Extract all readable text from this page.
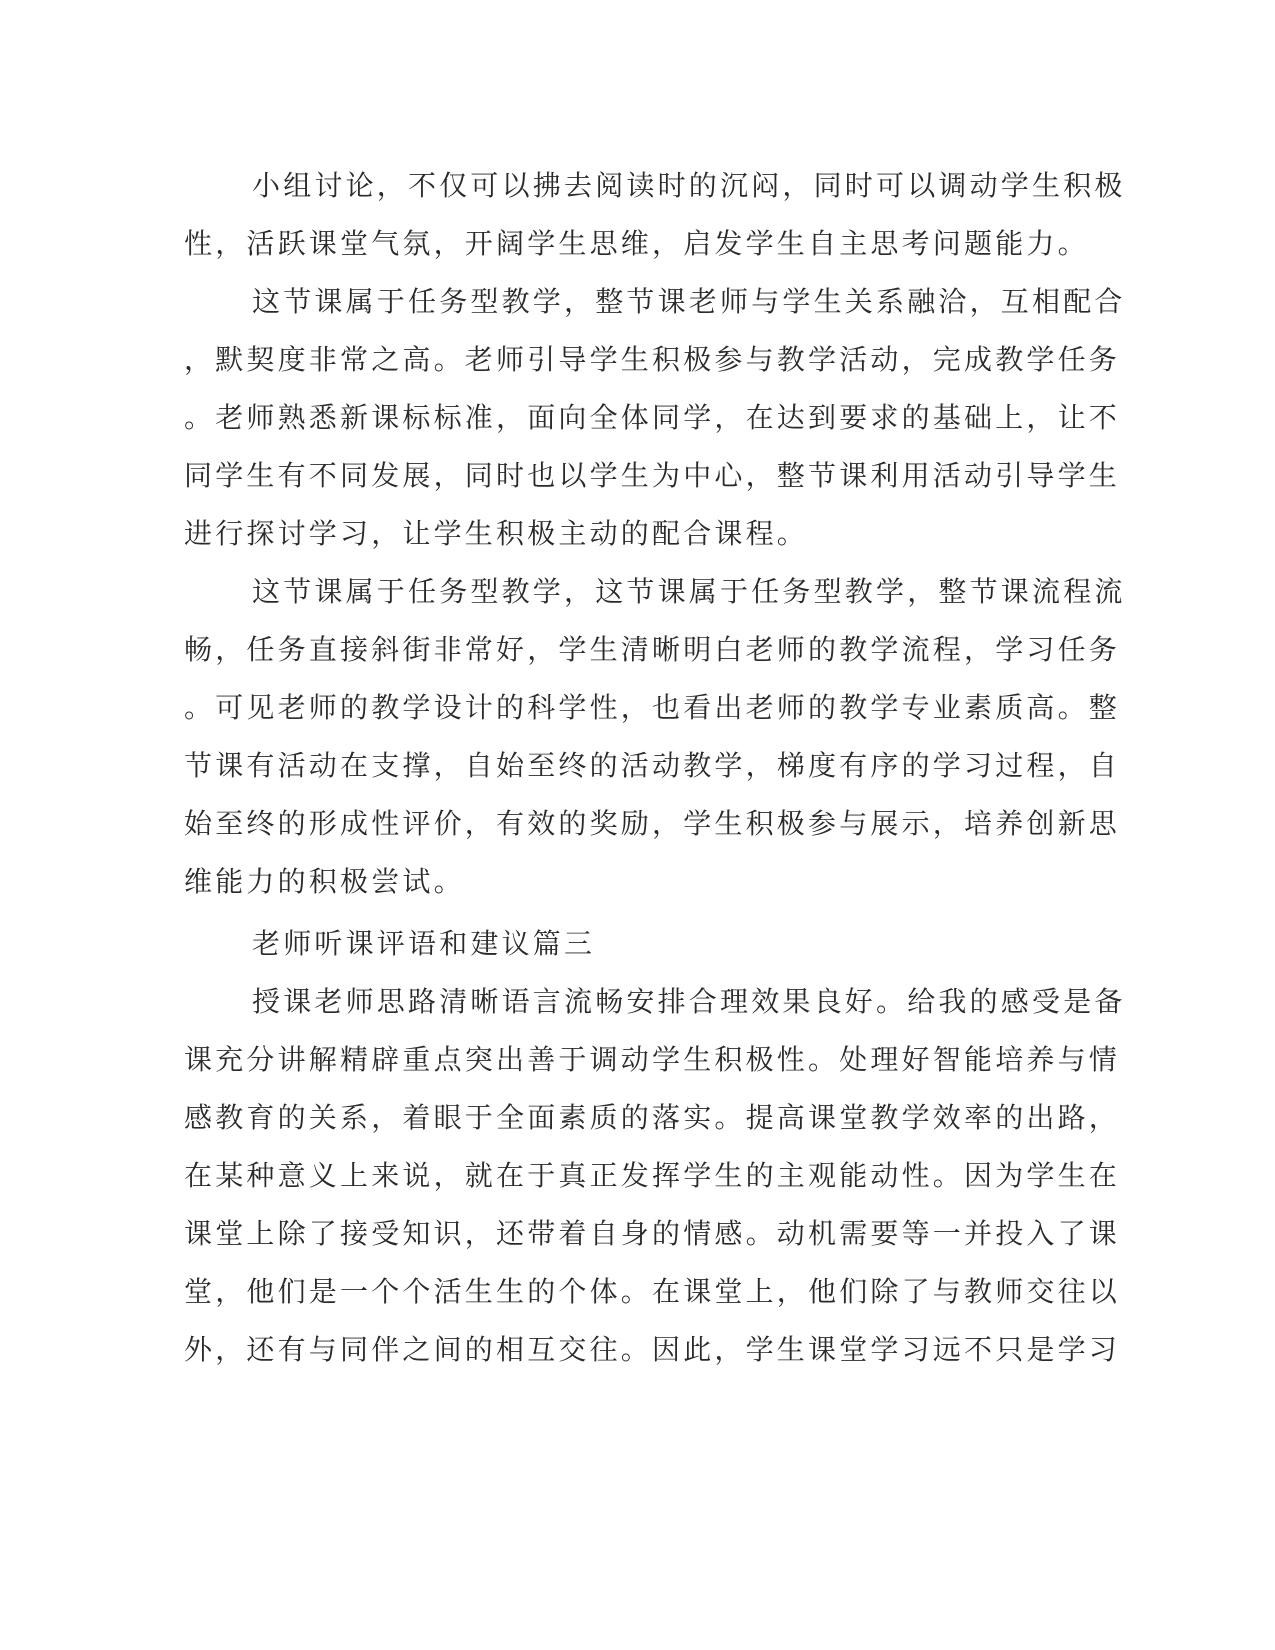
小组讨论，不仅可以拂去阅读时的沉闷，同时可以调动学生积极
性，活跃课堂气氛，开阔学生思维，启发学生自主思考问题能力。
这节课属于任务型教学，整节课老师与学生关系融洽，互相配合
，默契度非常之高。老师引导学生积极参与教学活动，完成教学任务
。老师熟悉新课标标准，面向全体同学，在达到要求的基础上，让不
同学生有不同发展，同时也以学生为中心，整节课利用活动引导学生
进行探讨学习，让学生积极主动的配合课程。
这节课属于任务型教学，这节课属于任务型教学，整节课流程流
畅，任务直接斜街非常好，学生清晰明白老师的教学流程，学习任务
。可见老师的教学设计的科学性，也看出老师的教学专业素质高。整
节课有活动在支撑，自始至终的活动教学，梯度有序的学习过程，自
始至终的形成性评价，有效的奖励，学生积极参与展示，培养创新思
维能力的积极尝试。
老师听课评语和建议篇三
授课老师思路清晰语言流畅安排合理效果良好。给我的感受是备
课充分讲解精辟重点突出善于调动学生积极性。处理好智能培养与情
感教育的关系，着眼于全面素质的落实。提高课堂教学效率的出路，
在某种意义上来说，就在于真正发挥学生的主观能动性。因为学生在
课堂上除了接受知识，还带着自身的情感。动机需要等一并投入了课
堂，他们是一个个活生生的个体。在课堂上，他们除了与教师交往以
外，还有与同伴之间的相互交往。因此，学生课堂学习远不只是学习
